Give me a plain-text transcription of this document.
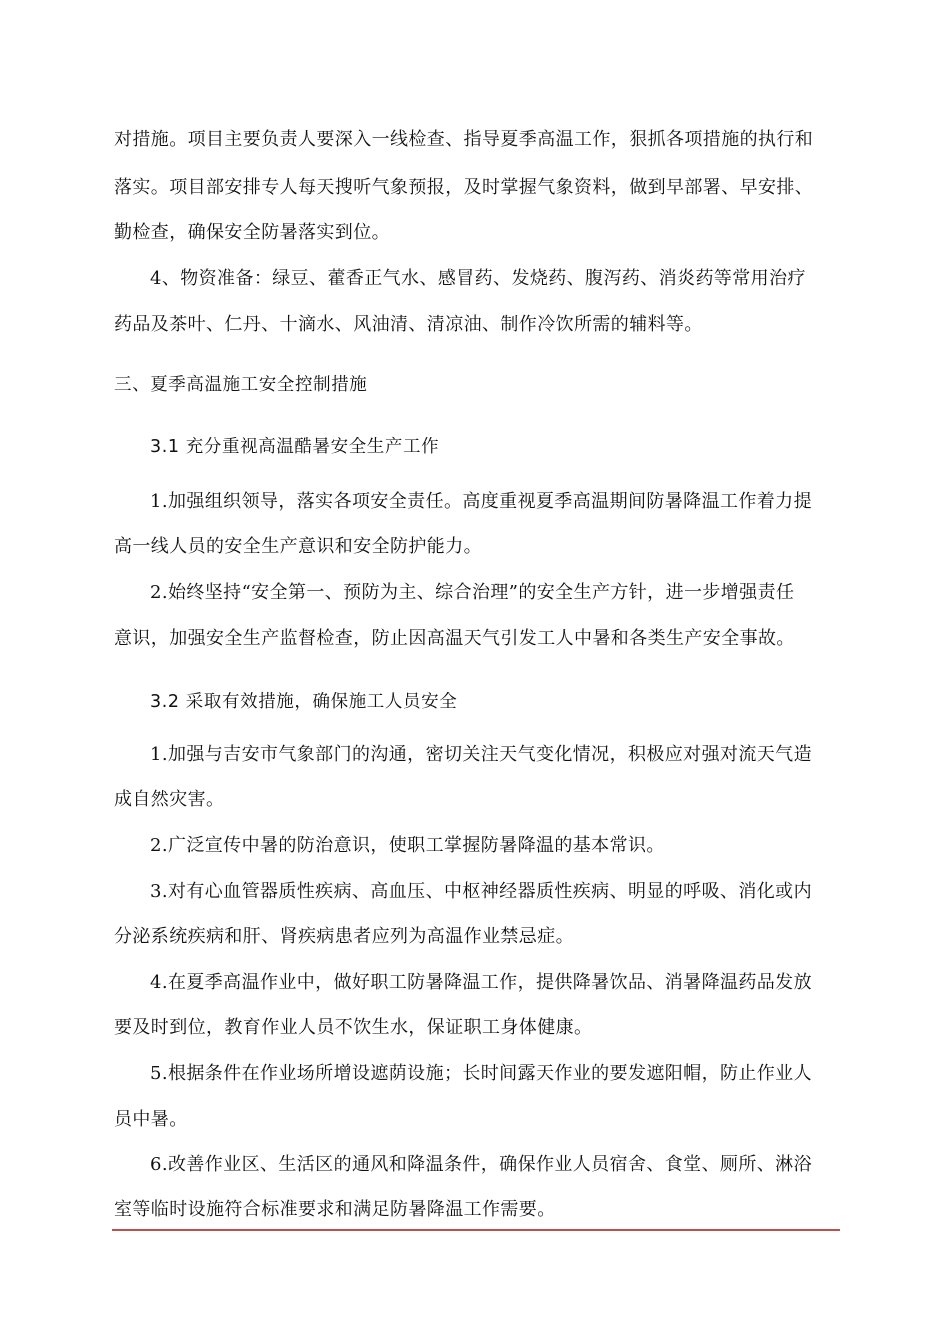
对措施。项目主要负责人要深入一线检查、指导夏季高温工作，狠抓各项措施的执行和
落实。项目部安排专人每天搜听气象预报，及时掌握气象资料，做到早部署、早安排、
勤检查，确保安全防暑落实到位。
4、物资准备：绿豆、藿香正气水、感冒药、发烧药、腹泻药、消炎药等常用治疗
药品及茶叶、仁丹、十滴水、风油清、清凉油、制作冷饮所需的辅料等。
三、夏季高温施工安全控制措施
3.1 充分重视高温酷暑安全生产工作
1.加强组织领导，落实各项安全责任。高度重视夏季高温期间防暑降温工作着力提
高一线人员的安全生产意识和安全防护能力。
2.始终坚持“安全第一、预防为主、综合治理”的安全生产方针，进一步增强责任
意识，加强安全生产监督检查，防止因高温天气引发工人中暑和各类生产安全事故。
3.2 采取有效措施，确保施工人员安全
1.加强与吉安市气象部门的沟通，密切关注天气变化情况，积极应对强对流天气造
成自然灾害。
2.广泛宣传中暑的防治意识，使职工掌握防暑降温的基本常识。
3.对有心血管器质性疾病、高血压、中枢神经器质性疾病、明显的呼吸、消化或内
分泌系统疾病和肝、肾疾病患者应列为高温作业禁忌症。
4.在夏季高温作业中，做好职工防暑降温工作，提供降暑饮品、消暑降温药品发放
要及时到位，教育作业人员不饮生水，保证职工身体健康。
5.根据条件在作业场所增设遮荫设施；长时间露天作业的要发遮阳帽，防止作业人
员中暑。
6.改善作业区、生活区的通风和降温条件，确保作业人员宿舍、食堂、厕所、淋浴
室等临时设施符合标准要求和满足防暑降温工作需要。
